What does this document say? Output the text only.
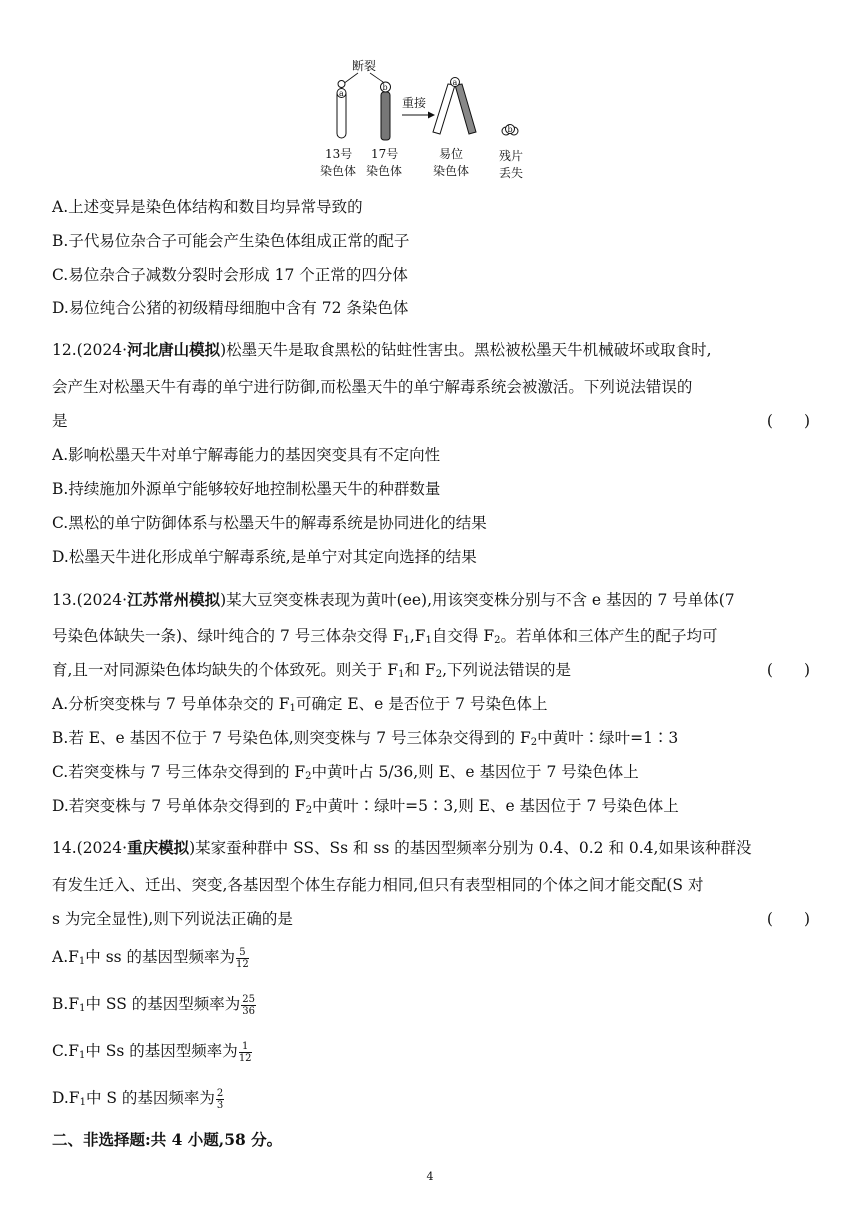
断裂
a
b
重接
a
b
13号
染色体
17号
染色体
易位
染色体
残片
丢失
A.上述变异是染色体结构和数目均异常导致的
B.子代易位杂合子可能会产生染色体组成正常的配子
C.易位杂合子减数分裂时会形成 17 个正常的四分体
D.易位纯合公猪的初级精母细胞中含有 72 条染色体
12.(2024·河北唐山模拟)松墨天牛是取食黑松的钻蛀性害虫。黑松被松墨天牛机械破坏或取食时,
会产生对松墨天牛有毒的单宁进行防御,而松墨天牛的单宁解毒系统会被激活。下列说法错误的
是	(　　)
A.影响松墨天牛对单宁解毒能力的基因突变具有不定向性
B.持续施加外源单宁能够较好地控制松墨天牛的种群数量
C.黑松的单宁防御体系与松墨天牛的解毒系统是协同进化的结果
D.松墨天牛进化形成单宁解毒系统,是单宁对其定向选择的结果
13.(2024·江苏常州模拟)某大豆突变株表现为黄叶(ee),用该突变株分别与不含 e 基因的 7 号单体(7
号染色体缺失一条)、绿叶纯合的 7 号三体杂交得 $F_1,F_1$自交得 $F_2$。若单体和三体产生的配子均可
育,且一对同源染色体均缺失的个体致死。则关于 $F_1$和 $F_2$,下列说法错误的是	(　　)
A.分析突变株与 7 号单体杂交的 $F_1$可确定 E、e 是否位于 7 号染色体上
B.若 E、e 基因不位于 7 号染色体,则突变株与 7 号三体杂交得到的 $F_2$中黄叶∶绿叶=1∶3
C.若突变株与 7 号三体杂交得到的 $F_2$中黄叶占 5/36,则 E、e 基因位于 7 号染色体上
D.若突变株与 7 号单体杂交得到的 $F_2$中黄叶∶绿叶=5∶3,则 E、e 基因位于 7 号染色体上
14.(2024·重庆模拟)某家蚕种群中 SS、Ss 和 ss 的基因型频率分别为 0.4、0.2 和 0.4,如果该种群没
有发生迁入、迁出、突变,各基因型个体生存能力相同,但只有表型相同的个体之间才能交配(S 对
s 为完全显性),则下列说法正确的是	(　　)
$A.F_1$中 ss 的基因型频率为 $\frac{5}{12}$
$B.F_1$中 SS 的基因型频率为 $\frac{25}{36}$
$C.F_1$中 Ss 的基因型频率为 $\frac{1}{12}$
$D.F_1$中 S 的基因频率为 $\frac{2}{3}$
二、非选择题:共 4 小题,58 分。
4
